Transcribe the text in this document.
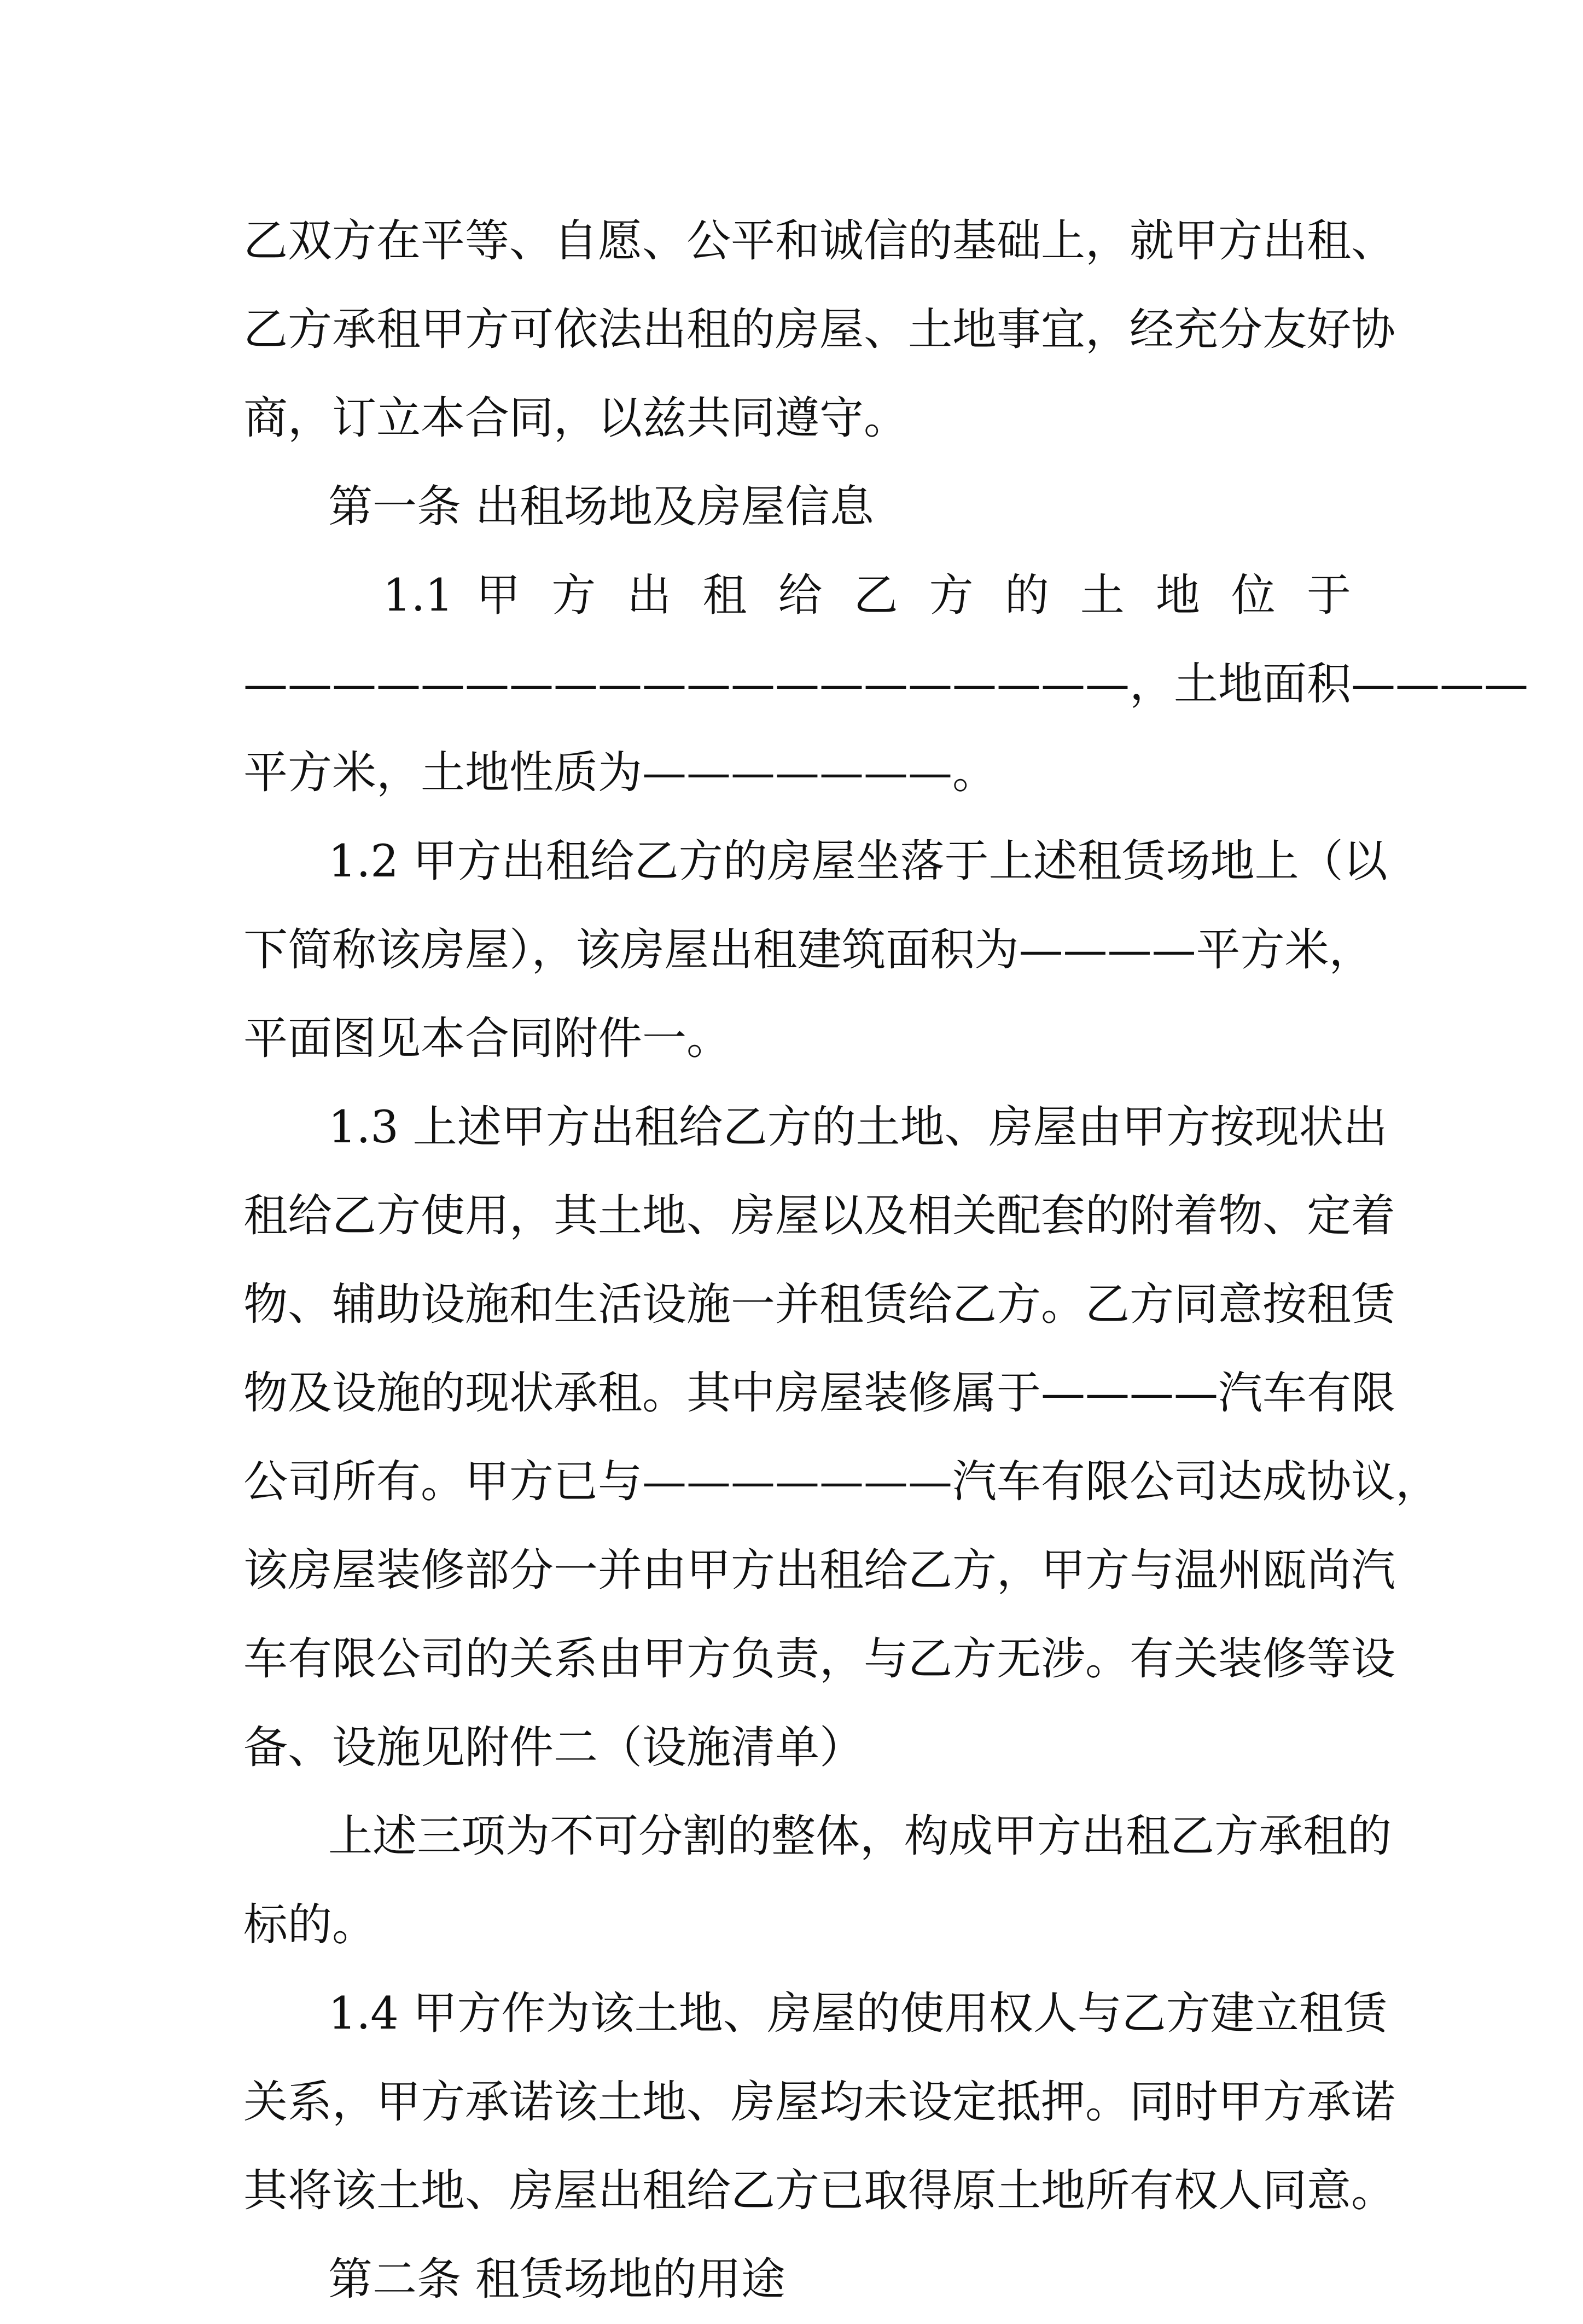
乙双方在平等、自愿、公平和诚信的基础上，就甲方出租、
乙方承租甲方可依法出租的房屋、土地事宜，经充分友好协
商，订立本合同，以兹共同遵守。
第一条 出租场地及房屋信息
1.1 甲 方 出 租 给 乙 方 的 土 地 位 于
————————————————————，土地面积————
平方米，土地性质为———————。
1.2 甲方出租给乙方的房屋坐落于上述租赁场地上（以
下简称该房屋），该房屋出租建筑面积为————平方米，
平面图见本合同附件一。
1.3 上述甲方出租给乙方的土地、房屋由甲方按现状出
租给乙方使用，其土地、房屋以及相关配套的附着物、定着
物、辅助设施和生活设施一并租赁给乙方。乙方同意按租赁
物及设施的现状承租。其中房屋装修属于————汽车有限
公司所有。甲方已与———————汽车有限公司达成协议，
该房屋装修部分一并由甲方出租给乙方，甲方与温州瓯尚汽
车有限公司的关系由甲方负责，与乙方无涉。有关装修等设
备、设施见附件二（设施清单）
上述三项为不可分割的整体，构成甲方出租乙方承租的
标的。
1.4 甲方作为该土地、房屋的使用权人与乙方建立租赁
关系，甲方承诺该土地、房屋均未设定抵押。同时甲方承诺
其将该土地、房屋出租给乙方已取得原土地所有权人同意。
第二条 租赁场地的用途
